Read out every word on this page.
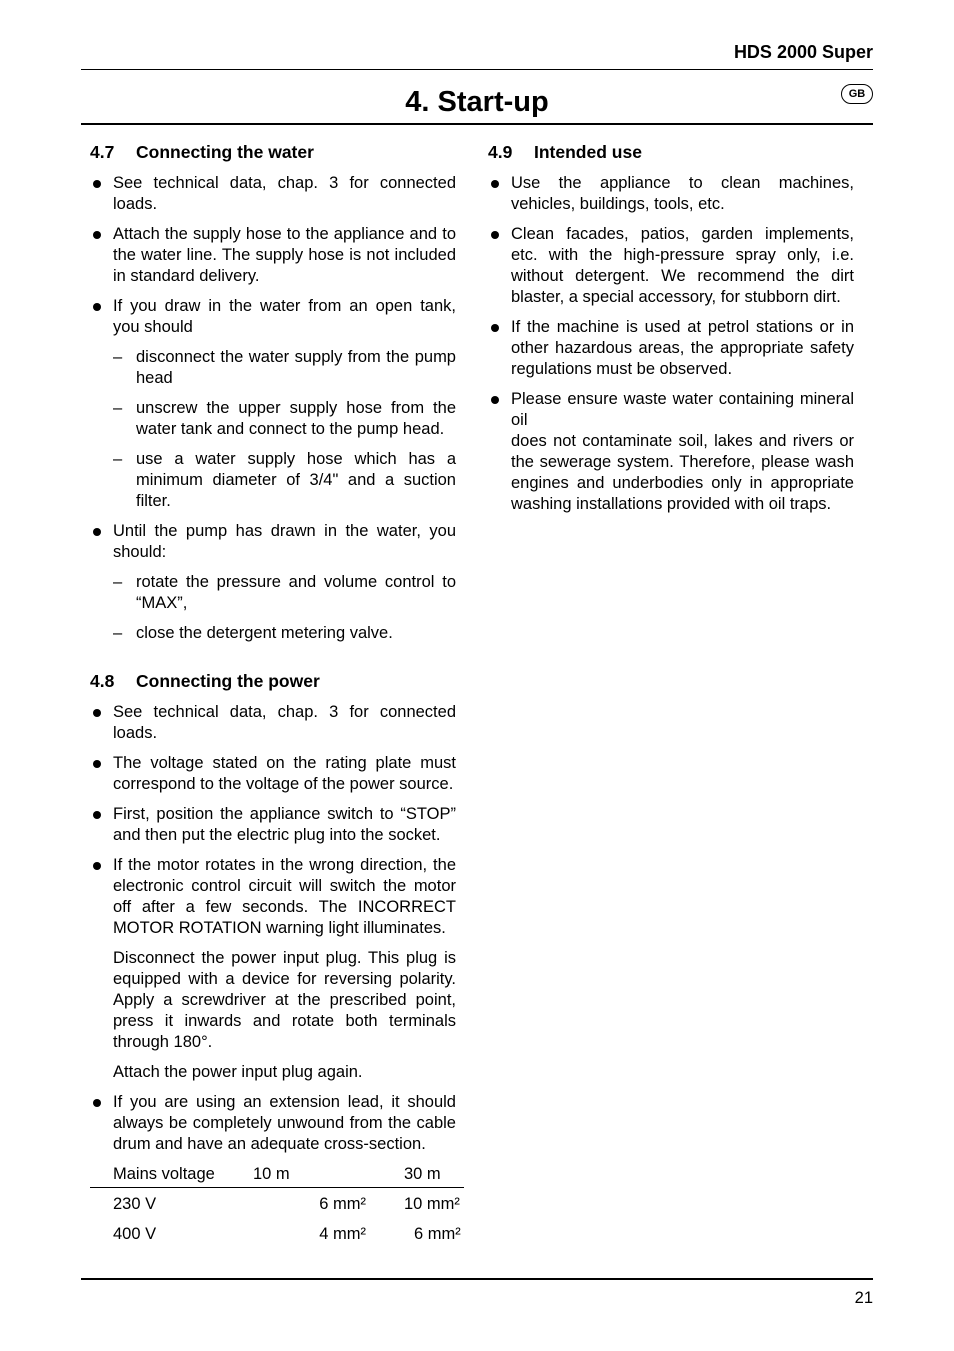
HDS 2000 Super
4. Start-up	GB
4.7	Connecting the water
See technical data, chap. 3 for connected loads.
Attach the supply hose to the appliance and to the water line. The supply hose is not included in standard delivery.
If you draw in the water from an open tank, you should
– disconnect the water supply from the pump head
– unscrew the upper supply hose from the water tank and connect to the pump head.
– use a water supply hose which has a minimum diameter of 3/4" and a suction filter.
Until the pump has drawn in the water, you should:
– rotate the pressure and volume control to “MAX”,
– close the detergent metering valve.
4.8	Connecting the power
See technical data, chap. 3 for connected loads.
The voltage stated on the rating plate must correspond to the voltage of the power source.
First, position the appliance switch to “STOP” and then put the electric plug into the socket.
If the motor rotates in the wrong direction, the electronic control circuit will switch the motor off after a few seconds. The INCORRECT MOTOR ROTATION warning light illuminates.
Disconnect the power input plug. This plug is equipped with a device for reversing polarity. Apply a screwdriver at the prescribed point, press it inwards and rotate both terminals through 180°.
Attach the power input plug again.
If you are using an extension lead, it should always be completely unwound from the cable drum and have an adequate cross-section.
Mains voltage	10 m	30 m
230 V	6 mm²	10 mm²
400 V	4 mm²	6 mm²
4.9	Intended use
Use the appliance to clean machines, vehicles, buildings, tools, etc.
Clean facades, patios, garden implements, etc. with the high-pressure spray only, i.e. without detergent. We recommend the dirt blaster, a special accessory, for stubborn dirt.
If the machine is used at petrol stations or in other hazardous areas, the appropriate safety regulations must be observed.
Please ensure waste water containing mineral oil
does not contaminate soil, lakes and rivers or the sewerage system. Therefore, please wash engines and underbodies only in appropriate washing installations provided with oil traps.
21
